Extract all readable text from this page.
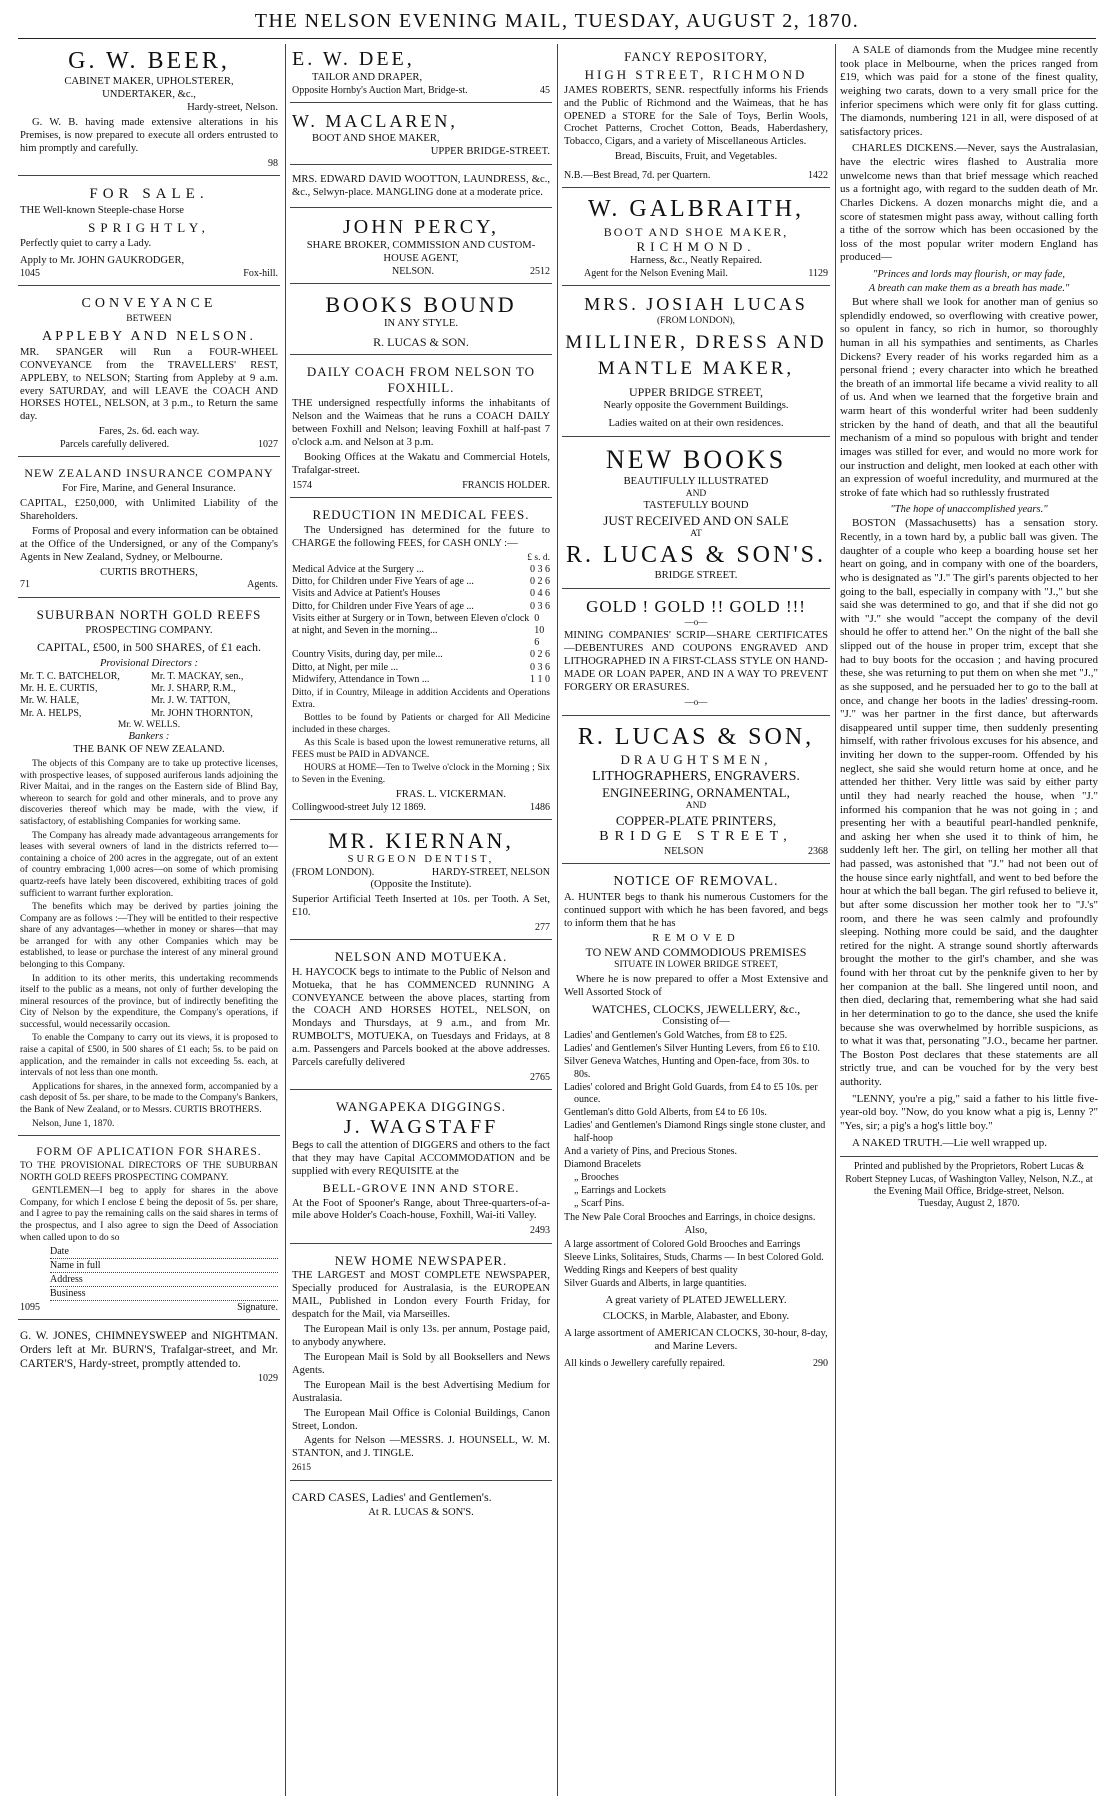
THE NELSON EVENING MAIL, TUESDAY, AUGUST 2, 1870.
G. W. BEER,
CABINET MAKER, UPHOLSTERER,
UNDERTAKER, &c.,
Hardy-street, Nelson.

G. W. B. having made extensive alterations in his Premises, is now prepared to execute all orders entrusted to him promptly and carefully.

98
FOR SALE.
THE Well-known Steeple-chase Horse
SPRIGHTLY,
Perfectly quiet to carry a Lady.
Apply to Mr. JOHN GAUKRODGER,
1045	Fox-hill.
CONVEYANCE
BETWEEN
APPLEBY AND NELSON.

MR. SPANGER will Run a FOUR-WHEEL CONVEYANCE from the TRAVELLERS' REST, APPLEBY, to NELSON; Starting from Appleby at 9 a.m. every SATURDAY, and will LEAVE the COACH AND HORSES HOTEL, NELSON, at 3 p.m., to Return the same day.

Fares, 2s. 6d. each way.
Parcels carefully delivered.	1027
NEW ZEALAND INSURANCE COMPANY
For Fire, Marine, and General Insurance.

CAPITAL, £250,000, with Unlimited Liability of the Shareholders.

Forms of Proposal and every information can be obtained at the Office of the Undersigned, or any of the Company's Agents in New Zealand, Sydney, or Melbourne.

CURTIS BROTHERS,
71	Agents.
SUBURBAN NORTH GOLD REEFS
PROSPECTING COMPANY.
CAPITAL, £500, in 500 SHARES, of £1 each.
Provisional Directors :
Mr. T. C. BATCHELOR,	Mr. T. MACKAY, sen.,
Mr. H. E. CURTIS,	Mr. J. SHARP, R.M.,
Mr. W. HALE,	Mr. J. W. TATTON,
Mr. A. HELPS,	Mr. JOHN THORNTON,
Mr. W. WELLS.
Bankers :
THE BANK OF NEW ZEALAND.

The objects of this Company are to take up protective licenses, with prospective leases, of supposed auriferous lands adjoining the River Maitai, and in the ranges on the Eastern side of Blind Bay, whereon to search for gold and other minerals, and to prove any discoveries thereof which may be made, with the view, if satisfactory, of establishing Companies for working same.

The Company has already made advantageous arrangements for leases with several owners of land in the districts referred to—containing a choice of 200 acres in the aggregate, out of an extent of country embracing 1,000 acres—on some of which promising quartz-reefs have lately been discovered, exhibiting traces of gold sufficient to warrant further exploration.

The benefits which may be derived by parties joining the Company are as follows :—They will be entitled to their respective share of any advantages—whether in money or shares—that may be arranged for with any other Companies which may be established, to lease or purchase the interest of any mineral ground belonging to this Company.

In addition to its other merits, this undertaking recommends itself to the public as a means, not only of further developing the mineral resources of the province, but of indirectly benefiting the City of Nelson by the expenditure, the Company's operations, if successful, would necessarily occasion.

To enable the Company to carry out its views, it is proposed to raise a capital of £500, in 500 shares of £1 each; 5s. to be paid on application, and the remainder in calls not exceeding 5s. each, at intervals of not less than one month.

Applications for shares, in the annexed form, accompanied by a cash deposit of 5s. per share, to be made to the Company's Bankers, the Bank of New Zealand, or to Messrs. CURTIS BROTHERS.

Nelson, June 1, 1870.
FORM OF APLICATION FOR SHARES.

TO THE PROVISIONAL DIRECTORS OF THE SUBURBAN NORTH GOLD REEFS PROSPECTING COMPANY.

GENTLEMEN—I beg to apply for shares in the above Company, for which I enclose £ being the deposit of 5s. per share, and I agree to pay the remaining calls on the said shares in terms of the prospectus, and I also agree to sign the Deed of Association when called upon to do so

Date
Name in full
Address
Business
1095	Signature.

G. W. JONES, CHIMNEYSWEEP and NIGHTMAN. Orders left at Mr. BURN'S, Trafalgar-street, and Mr. CARTER'S, Hardy-street, promptly attended to.

1029
E. W. DEE,
TAILOR AND DRAPER,
Opposite Hornby's Auction Mart, Bridge-st.	45
W. MACLAREN,
BOOT AND SHOE MAKER,
UPPER BRIDGE-STREET.

MRS. EDWARD DAVID WOOTTON, LAUNDRESS, &c., &c., Selwyn-place. MANGLING done at a moderate price.

JOHN PERCY,
SHARE BROKER, COMMISSION AND CUSTOM-HOUSE AGENT,
NELSON.	2512
BOOKS BOUND
IN ANY STYLE.
R. LUCAS & SON.
DAILY COACH FROM NELSON TO FOXHILL.

THE undersigned respectfully informs the inhabitants of Nelson and the Waimeas that he runs a COACH DAILY between Foxhill and Nelson; leaving Foxhill at half-past 7 o'clock a.m. and Nelson at 3 p.m.

Booking Offices at the Wakatu and Commercial Hotels, Trafalgar-street.

1574	FRANCIS HOLDER.
REDUCTION IN MEDICAL FEES.

The Undersigned has determined for the future to CHARGE the following FEES, for CASH ONLY :—

£ s. d.
Medical Advice at the Surgery ...	0 3 6
Ditto, for Children under Five Years of age ...	0 2 6
Visits and Advice at Patient's Houses	0 4 6
Ditto, for Children under Five Years of age ...	0 3 6
Visits either at Surgery or in Town, between Eleven o'clock at night, and Seven in the morning...
0 10 6
Country Visits, during day, per mile...	0 2 6
Ditto, at Night, per mile ...	0 3 6
Midwifery, Attendance in Town ...	1 1 0

Ditto, if in Country, Mileage in addition Accidents and Operations Extra.

Bottles to be found by Patients or charged for All Medicine included in these charges.

As this Scale is based upon the lowest remunerative returns, all FEES must be PAID in ADVANCE.

HOURS at HOME—Ten to Twelve o'clock in the Morning ; Six to Seven in the Evening.

FRAS. L. VICKERMAN.
Collingwood-street July 12 1869.	1486
MR. KIERNAN,
SURGEON DENTIST,
(FROM LONDON).	HARDY-STREET, NELSON
(Opposite the Institute).

Superior Artificial Teeth Inserted at 10s. per Tooth. A Set, £10.

277
NELSON AND MOTUEKA.

H. HAYCOCK begs to intimate to the Public of Nelson and Motueka, that he has COMMENCED RUNNING A CONVEYANCE between the above places, starting from the COACH AND HORSES HOTEL, NELSON, on Mondays and Thursdays, at 9 a.m., and from Mr. RUMBOLT'S, MOTUEKA, on Tuesdays and Fridays, at 8 a.m. Passengers and Parcels booked at the above addresses. Parcels carefully delivered

2765
WANGAPEKA DIGGINGS.
J. WAGSTAFF

Begs to call the attention of DIGGERS and others to the fact that they may have Capital ACCOMMODATION and be supplied with every REQUISITE at the

BELL-GROVE INN AND STORE.

At the Foot of Spooner's Range, about Three-quarters-of-a-mile above Holder's Coach-house, Foxhill, Wai-iti Valley.

2493
NEW HOME NEWSPAPER.

THE LARGEST and MOST COMPLETE NEWSPAPER, Specially produced for Australasia, is the EUROPEAN MAIL, Published in London every Fourth Friday, for despatch for the Mail, via Marseilles.

The European Mail is only 13s. per annum, Postage paid, to anybody anywhere.

The European Mail is Sold by all Booksellers and News Agents.

The European Mail is the best Advertising Medium for Australasia.

The European Mail Office is Colonial Buildings, Canon Street, London.

Agents for Nelson —MESSRS. J. HOUNSELL, W. M. STANTON, and J. TINGLE.

2615

CARD CASES, Ladies' and Gentlemen's.

At R. LUCAS & SON'S.
FANCY REPOSITORY,
HIGH STREET, RICHMOND

JAMES ROBERTS, SENR. respectfully informs his Friends and the Public of Richmond and the Waimeas, that he has OPENED a STORE for the Sale of Toys, Berlin Wools, Crochet Patterns, Crochet Cotton, Beads, Haberdashery, Tobacco, Cigars, and a variety of Miscellaneous Articles.

Bread, Biscuits, Fruit, and Vegetables.
N.B.—Best Bread, 7d. per Quartern.	1422
W. GALBRAITH,
BOOT AND SHOE MAKER,
RICHMOND.
Harness, &c., Neatly Repaired.
Agent for the Nelson Evening Mail.	1129
MRS. JOSIAH LUCAS
(FROM LONDON),
MILLINER, DRESS AND MANTLE MAKER,
UPPER BRIDGE STREET,
Nearly opposite the Government Buildings.
Ladies waited on at their own residences.
NEW BOOKS
BEAUTIFULLY ILLUSTRATED
AND
TASTEFULLY BOUND
JUST RECEIVED AND ON SALE
AT
R. LUCAS & SON'S.
BRIDGE STREET.
GOLD ! GOLD !! GOLD !!!
—o—

MINING COMPANIES' SCRIP—SHARE CERTIFICATES—DEBENTURES AND COUPONS ENGRAVED AND LITHOGRAPHED IN A FIRST-CLASS STYLE ON HAND-MADE OR LOAN PAPER, AND IN A WAY TO PREVENT FORGERY OR ERASURES.

—o—
R. LUCAS & SON,
DRAUGHTSMEN,
LITHOGRAPHERS, ENGRAVERS.
ENGINEERING, ORNAMENTAL,
AND
COPPER-PLATE PRINTERS,
BRIDGE STREET,
NELSON	2368
NOTICE OF REMOVAL.

A. HUNTER begs to thank his numerous Customers for the continued support with which he has been favored, and begs to inform them that he has

REMOVED
TO NEW AND COMMODIOUS PREMISES
SITUATE IN LOWER BRIDGE STREET,

Where he is now prepared to offer a Most Extensive and Well Assorted Stock of

WATCHES, CLOCKS, JEWELLERY, &c.,
Consisting of—
Ladies' and Gentlemen's Gold Watches, from £8 to £25.
Ladies' and Gentlemen's Silver Hunting Levers, from £6 to £10.
Silver Geneva Watches, Hunting and Open-face, from 30s. to 80s.
Ladies' colored and Bright Gold Guards, from £4 to £5 10s. per ounce.
Gentleman's ditto Gold Alberts, from £4 to £6 10s.
Ladies' and Gentlemen's Diamond Rings single stone cluster, and half-hoop
And a variety of Pins, and Precious Stones.
Diamond Bracelets
„ Brooches
„ Earrings and Lockets
„ Scarf Pins.
The New Pale Coral Brooches and Earrings, in choice designs.
Also,
A large assortment of Colored Gold Brooches and Earrings
Sleeve Links, Solitaires, Studs, Charms — In best Colored Gold.
Wedding Rings and Keepers of best quality
Silver Guards and Alberts, in large quantities.
A great variety of PLATED JEWELLERY.
CLOCKS, in Marble, Alabaster, and Ebony.
A large assortment of AMERICAN CLOCKS, 30-hour, 8-day, and Marine Levers.
All kinds o Jewellery carefully repaired.	290

A SALE of diamonds from the Mudgee mine recently took place in Melbourne, when the prices ranged from £19, which was paid for a stone of the finest quality, weighing two carats, down to a very small price for the inferior specimens which were only fit for glass cutting. The diamonds, numbering 121 in all, were disposed of at satisfactory prices.

CHARLES DICKENS.—Never, says the Australasian, have the electric wires flashed to Australia more unwelcome news than that brief message which reached us a fortnight ago, with regard to the sudden death of Mr. Charles Dickens. A dozen monarchs might die, and a score of statesmen might pass away, without calling forth a tithe of the sorrow which has been occasioned by the loss of the most popular writer modern England has produced—

"Princes and lords may flourish, or may fade,
A breath can make them as a breath has made."

But where shall we look for another man of genius so splendidly endowed, so overflowing with creative power, so opulent in fancy, so rich in humor, so thoroughly human in all his sympathies and sentiments, as Charles Dickens? Every reader of his works regarded him as a personal friend ; every character into which he breathed the breath of an immortal life became a vivid reality to all of us. And when we learned that the forgetive brain and warm heart of this wonderful writer had been suddenly stricken by the hand of death, and that all the beautiful mechanism of a mind so populous with bright and tender images was stilled for ever, and would no more work for our instruction and delight, men looked at each other with an expression of woeful incredulity, and murmured at the stroke of fate which had so ruthlessly frustrated

"The hope of unaccomplished years."

BOSTON (Massachusetts) has a sensation story. Recently, in a town hard by, a public ball was given. The daughter of a couple who keep a boarding house set her heart on going, and in company with one of the boarders, who is designated as "J." The girl's parents objected to her going to the ball, especially in company with "J.," but she said she was determined to go, and that if she did not go with "J." she would "accept the company of the devil should he offer to attend her." On the night of the ball she slipped out of the house in proper trim, except that she had to buy boots for the occasion ; and having procured these, she was returning to put them on when she met "J.," as she supposed, and he persuaded her to go to the ball at once, and change her boots in the ladies' dressing-room. "J." was her partner in the first dance, but afterwards disappeared until supper time, then suddenly presenting himself, with rather frivolous excuses for his absence, and inviting her down to the supper-room. Offended by his neglect, she said she would return home at once, and he attended her thither. Very little was said by either party until they had nearly reached the house, when "J." informed his companion that he was not going in ; and presenting her with a beautiful pearl-handled penknife, and asking her when she used it to think of him, he suddenly left her. The girl, on telling her mother all that had passed, was astonished that "J." had not been out of the house since early nightfall, and went to bed before the hour at which the ball began. The girl refused to believe it, but after some discussion her mother took her to "J.'s" room, and there he was seen calmly and profoundly sleeping. Nothing more could be said, and the daughter retired for the night. A strange sound shortly afterwards brought the mother to the girl's chamber, and she was found with her throat cut by the penknife given to her by her companion at the ball. She lingered until noon, and then died, declaring that, remembering what she had said in her determination to go to the dance, she used the knife because she was overwhelmed by horrible suspicions, as to what it was that, personating "J.O., became her partner. The Boston Post declares that these statements are all strictly true, and can be vouched for by the very best authority.

"LENNY, you're a pig," said a father to his little five-year-old boy. "Now, do you know what a pig is, Lenny ?" "Yes, sir; a pig's a hog's little boy."

A NAKED TRUTH.—Lie well wrapped up.

Printed and published by the Proprietors, Robert Lucas & Robert Stepney Lucas, of Washington Valley, Nelson, N.Z., at the Evening Mail Office, Bridge-street, Nelson.
Tuesday, August 2, 1870.
